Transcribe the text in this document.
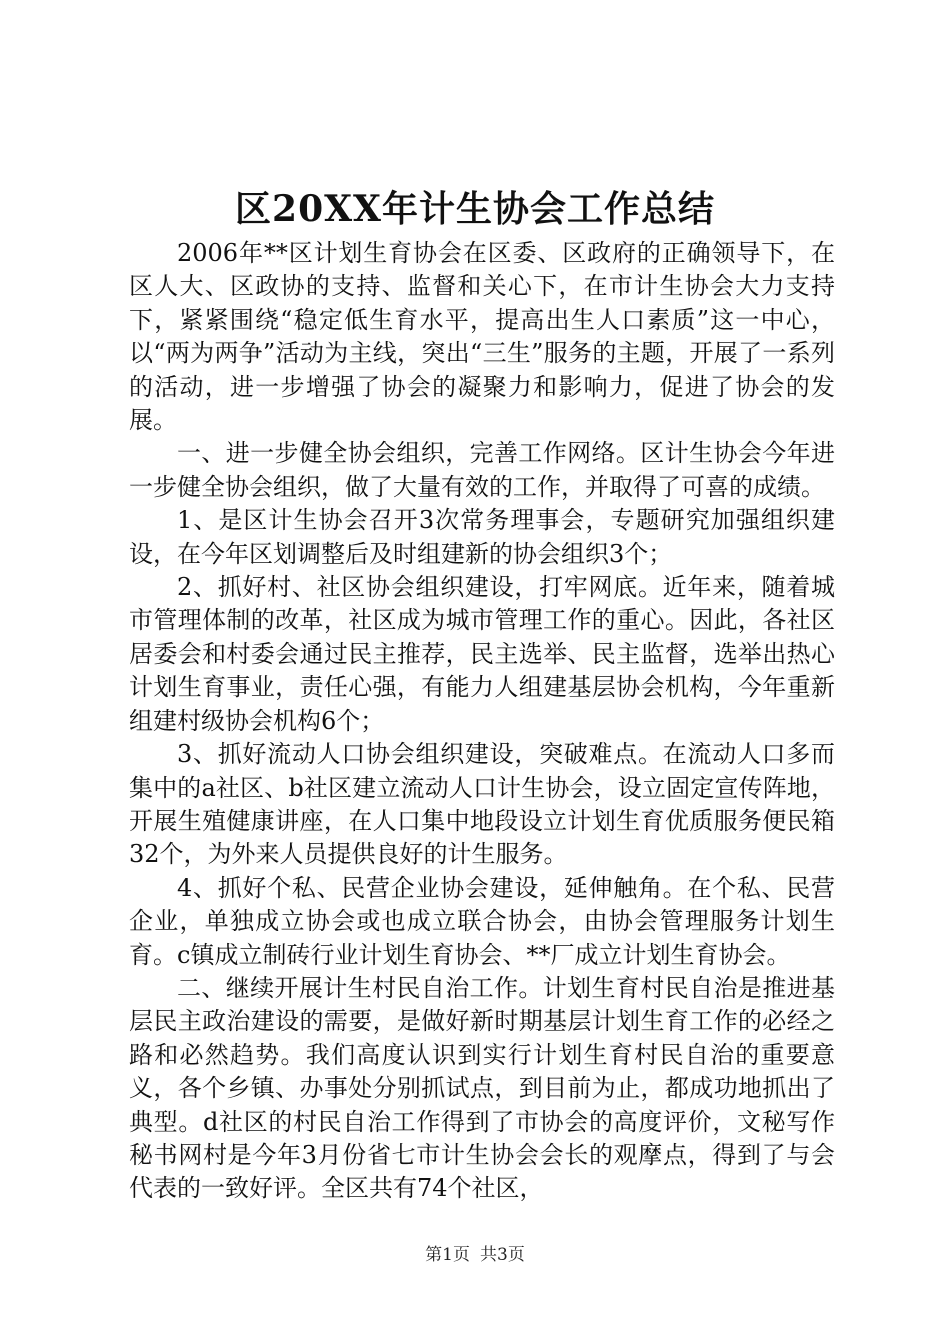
区20XX年计生协会工作总结

2006年**区计划生育协会在区委、区政府的正确领导下，在区人大、区政协的支持、监督和关心下，在市计生协会大力支持下，紧紧围绕“稳定低生育水平，提高出生人口素质”这一中心，以“两为两争”活动为主线，突出“三生”服务的主题，开展了一系列的活动，进一步增强了协会的凝聚力和影响力，促进了协会的发展。

一、进一步健全协会组织，完善工作网络。区计生协会今年进一步健全协会组织，做了大量有效的工作，并取得了可喜的成绩。

1、是区计生协会召开3次常务理事会，专题研究加强组织建设，在今年区划调整后及时组建新的协会组织3个；

2、抓好村、社区协会组织建设，打牢网底。近年来，随着城市管理体制的改革，社区成为城市管理工作的重心。因此，各社区居委会和村委会通过民主推荐，民主选举、民主监督，选举出热心计划生育事业，责任心强，有能力人组建基层协会机构，今年重新组建村级协会机构6个；

3、抓好流动人口协会组织建设，突破难点。在流动人口多而集中的a社区、b社区建立流动人口计生协会，设立固定宣传阵地，开展生殖健康讲座，在人口集中地段设立计划生育优质服务便民箱32个，为外来人员提供良好的计生服务。

4、抓好个私、民营企业协会建设，延伸触角。在个私、民营企业，单独成立协会或也成立联合协会，由协会管理服务计划生育。c镇成立制砖行业计划生育协会、**厂成立计划生育协会。

二、继续开展计生村民自治工作。计划生育村民自治是推进基层民主政治建设的需要，是做好新时期基层计划生育工作的必经之路和必然趋势。我们高度认识到实行计划生育村民自治的重要意义，各个乡镇、办事处分别抓试点，到目前为止，都成功地抓出了典型。d社区的村民自治工作得到了市协会的高度评价，文秘写作秘书网村是今年3月份省七市计生协会会长的观摩点，得到了与会代表的一致好评。全区共有74个社区，

第1页 共3页
